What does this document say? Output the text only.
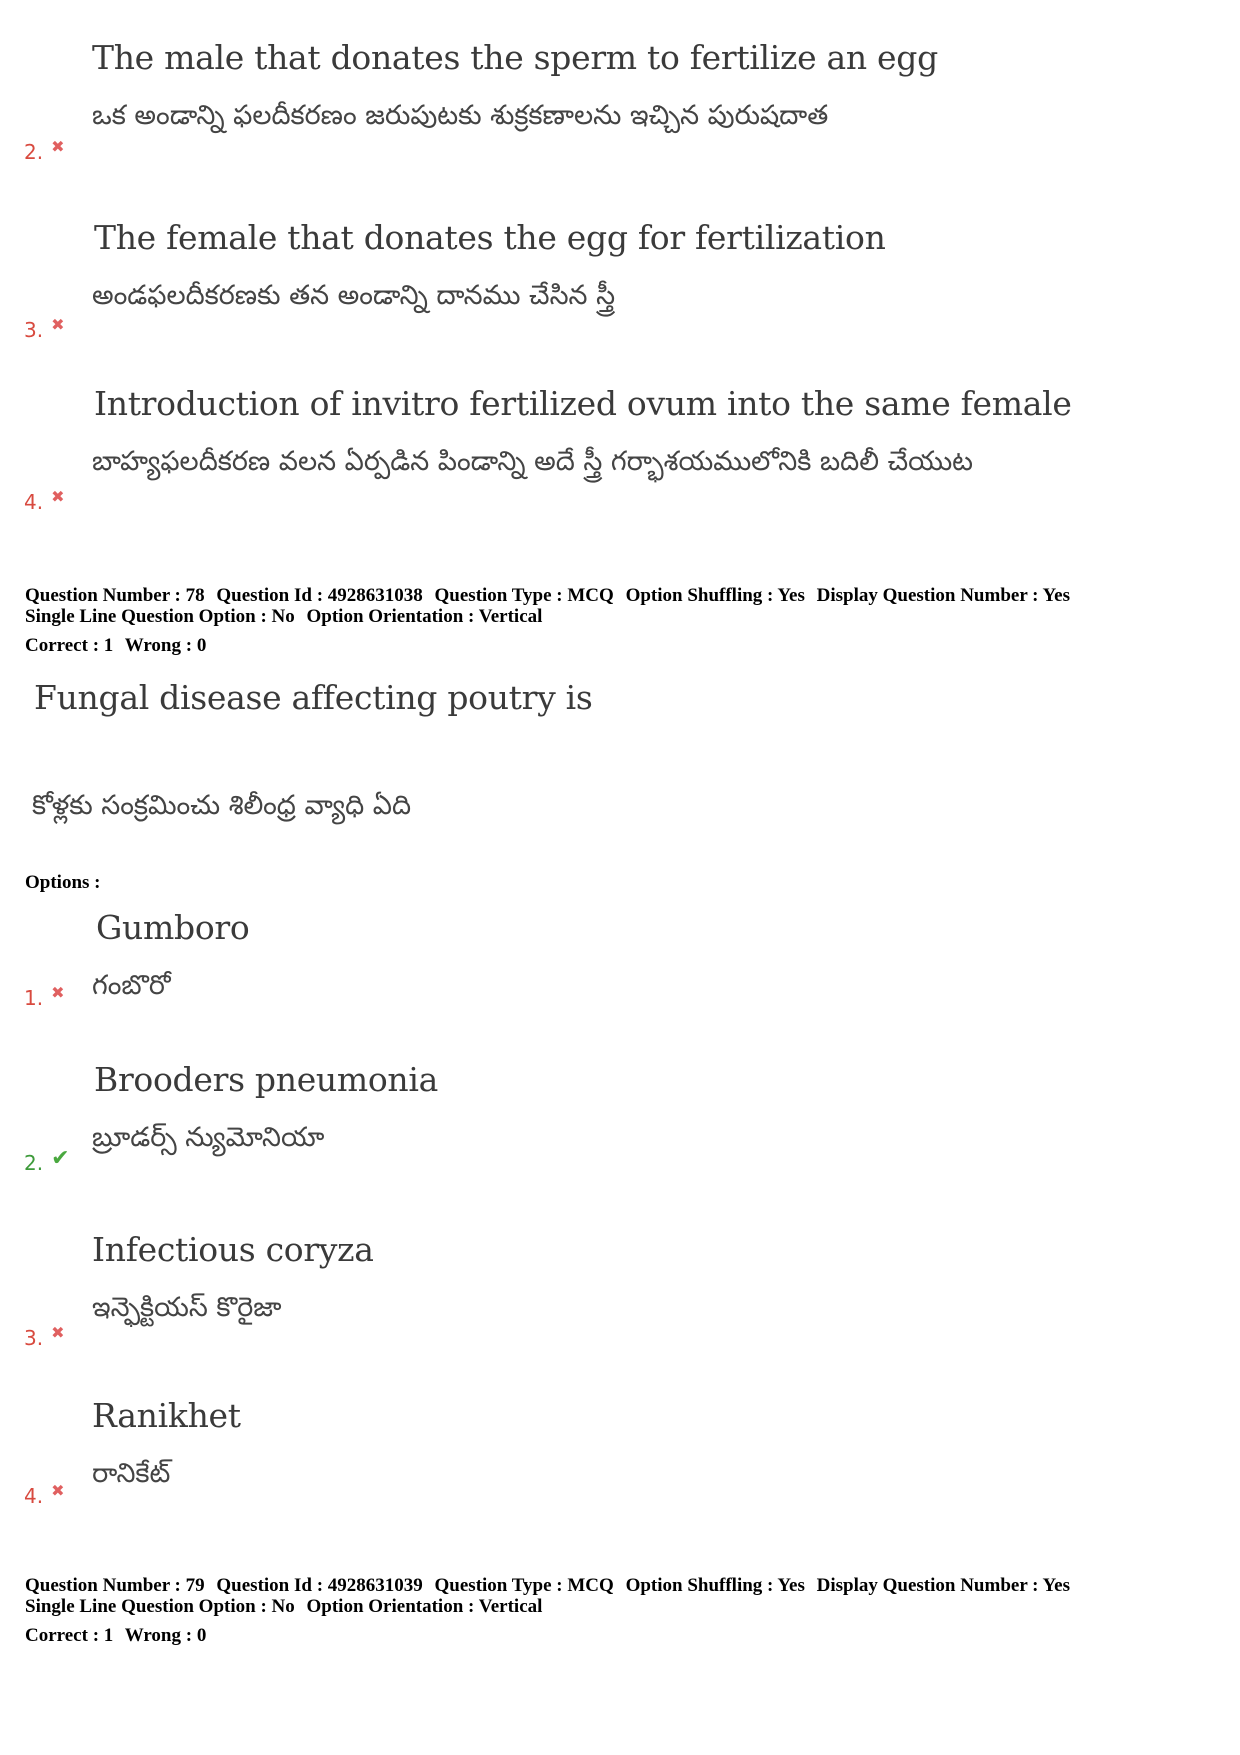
The male that donates the sperm to fertilize an egg
ఒక అండాన్ని ఫలదీకరణం జరుపుటకు శుక్రకణాలను ఇచ్చిన పురుషదాత
2. ✖
The female that donates the egg for fertilization
అండఫలదీకరణకు తన అండాన్ని దానము చేసిన స్త్రీ
3. ✖
Introduction of invitro fertilized ovum into the same female
బాహ్యఫలదీకరణ వలన ఏర్పడిన పిండాన్ని అదే స్త్రీ గర్భాశయములోనికి బదిలీ చేయుట
4. ✖
Question Number : 78 Question Id : 4928631038 Question Type : MCQ Option Shuffling : Yes Display Question Number : Yes
Single Line Question Option : No Option Orientation : Vertical
Correct : 1 Wrong : 0
Fungal disease affecting poutry is
కోళ్లకు సంక్రమించు శిలీంధ్ర వ్యాధి ఏది
Options :
Gumboro
గంబొరో
1. ✖
Brooders pneumonia
బ్రూడర్స్ న్యుమోనియా
2. ✔
Infectious coryza
ఇన్ఫెక్టియస్ కొరైజా
3. ✖
Ranikhet
రానికేట్
4. ✖
Question Number : 79 Question Id : 4928631039 Question Type : MCQ Option Shuffling : Yes Display Question Number : Yes
Single Line Question Option : No Option Orientation : Vertical
Correct : 1 Wrong : 0
